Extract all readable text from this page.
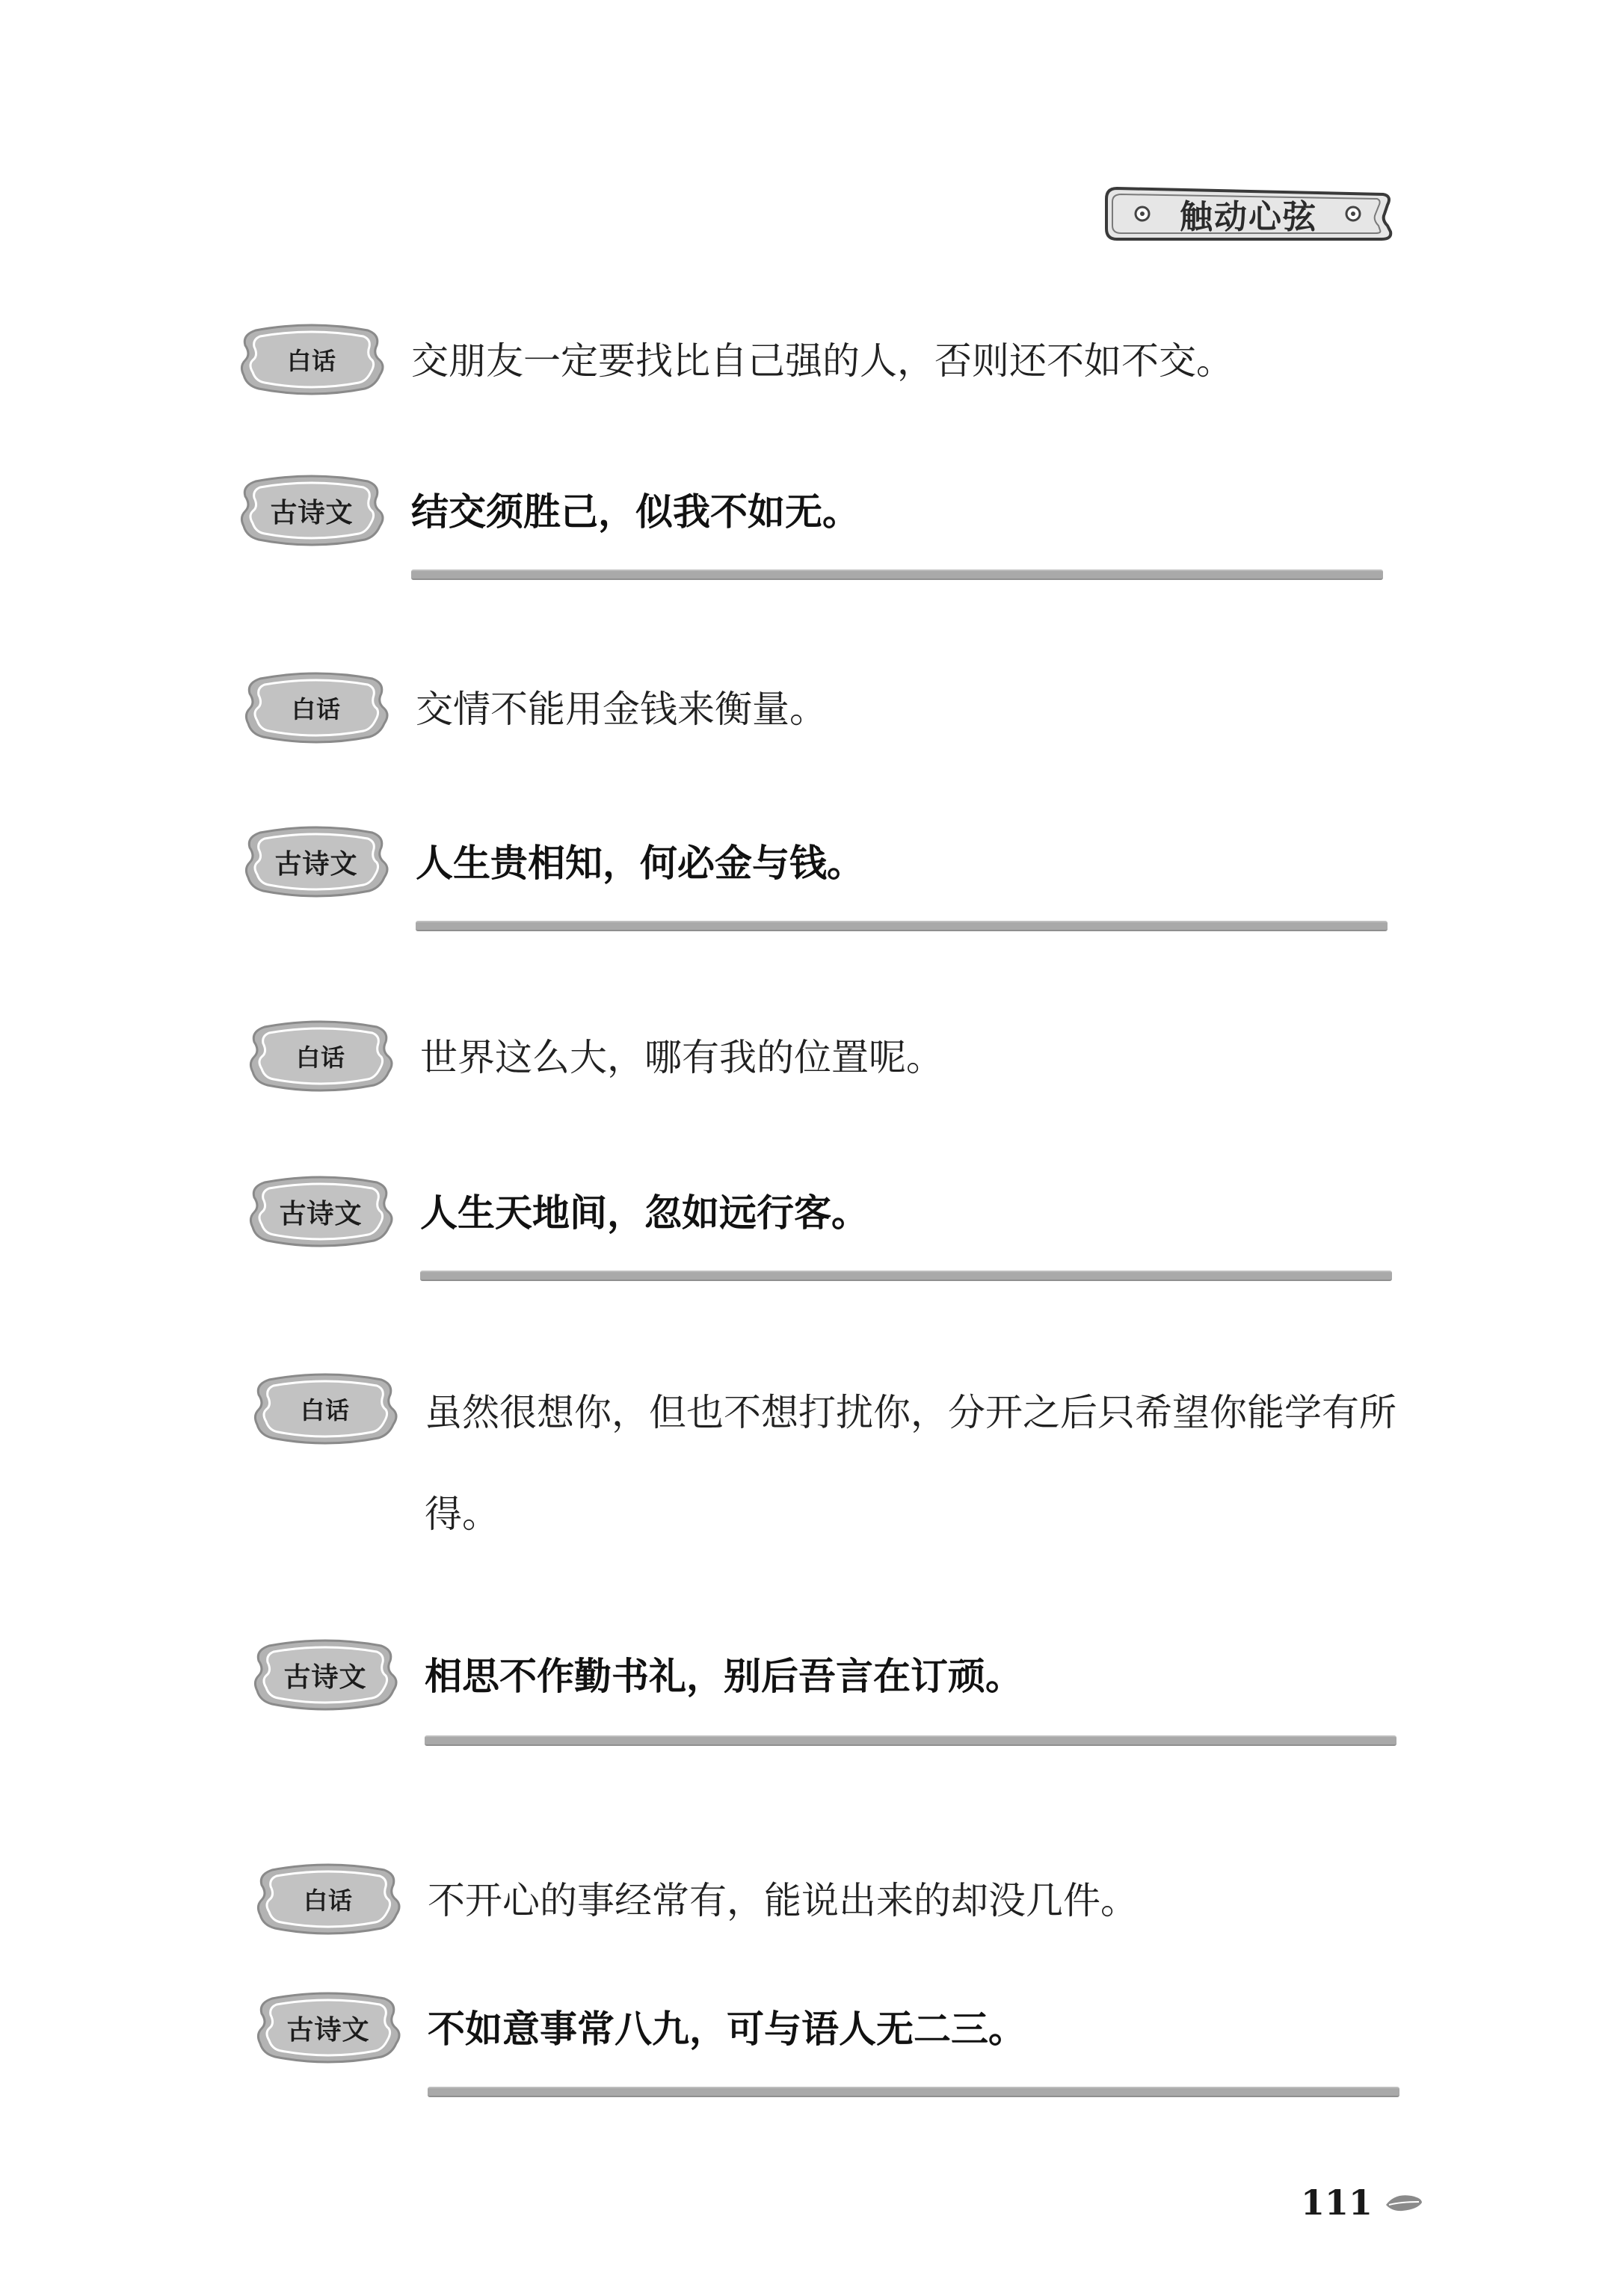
触动心弦
白话	交朋友一定要找比自己强的人，否则还不如不交。
古诗文	结交须胜己，似我不如无。
白话	交情不能用金钱来衡量。
古诗文	人生贵相知，何必金与钱。
白话	世界这么大，哪有我的位置呢。
古诗文	人生天地间，忽如远行客。
白话	虽然很想你，但也不想打扰你，分开之后只希望你能学有所得。
古诗文	相思不作勤书礼，别后吾言在订顽。
白话	不开心的事经常有，能说出来的却没几件。
古诗文	不如意事常八九，可与语人无二三。
111
